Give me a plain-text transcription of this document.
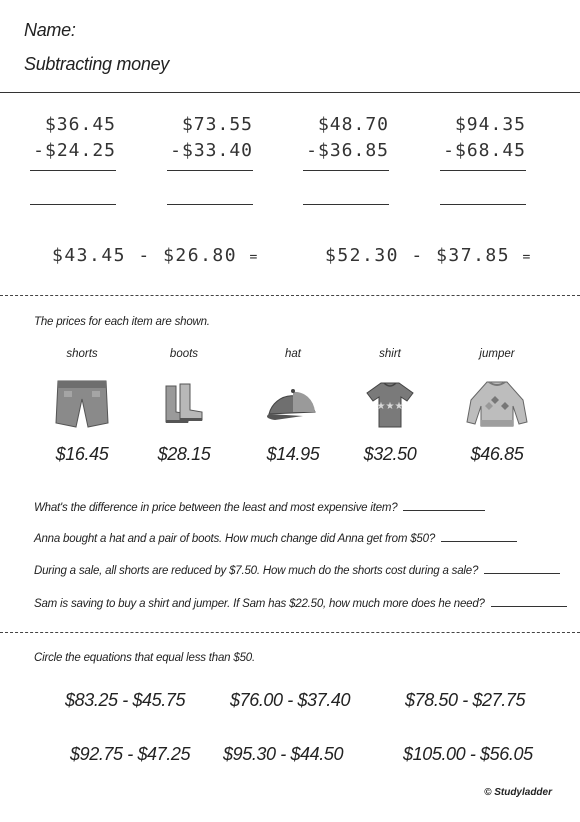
Name:
Subtracting money
$36.45
-$24.25
$73.55
-$33.40
$48.70
-$36.85
$94.35
-$68.45
$43.45 - $26.80 =	$52.30 - $37.85 =
The prices for each item are shown.
shorts
$16.45
boots
$28.15
hat
$14.95
shirt
★★★
$32.50
jumper
$46.85
What's the difference in price between the least and most expensive item?
Anna bought a hat and a pair of boots. How much change did Anna get from $50?
During a sale, all shorts are reduced by $7.50. How much do the shorts cost during a sale?
Sam is saving to buy a shirt and jumper. If Sam has $22.50, how much more does he need?
Circle the equations that equal less than $50.
$83.25 - $45.75 $76.00 - $37.40	$78.50 - $27.75
$92.75 - $47.25 $95.30 - $44.50	$105.00 - $56.05
© Studyladder
